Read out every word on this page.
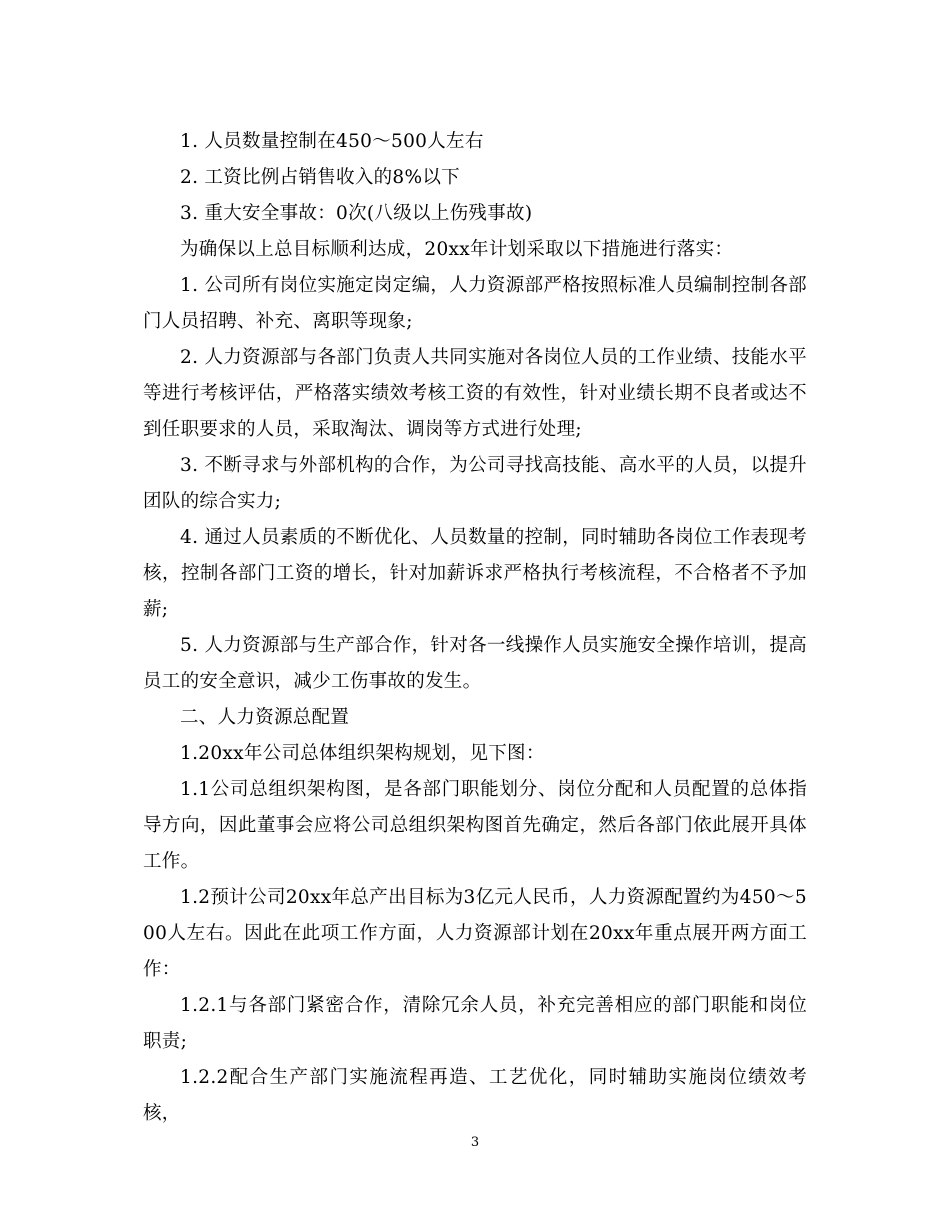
1. 人员数量控制在450～500人左右

2. 工资比例占销售收入的8%以下

3. 重大安全事故：0次(八级以上伤残事故)

为确保以上总目标顺利达成，20xx年计划采取以下措施进行落实：

1. 公司所有岗位实施定岗定编，人力资源部严格按照标准人员编制控制各部门人员招聘、补充、离职等现象;

2. 人力资源部与各部门负责人共同实施对各岗位人员的工作业绩、技能水平等进行考核评估，严格落实绩效考核工资的有效性，针对业绩长期不良者或达不到任职要求的人员，采取淘汰、调岗等方式进行处理;

3. 不断寻求与外部机构的合作，为公司寻找高技能、高水平的人员，以提升团队的综合实力;

4. 通过人员素质的不断优化、人员数量的控制，同时辅助各岗位工作表现考核，控制各部门工资的增长，针对加薪诉求严格执行考核流程，不合格者不予加薪;

5. 人力资源部与生产部合作，针对各一线操作人员实施安全操作培训，提高员工的安全意识，减少工伤事故的发生。

二、人力资源总配置

1.20xx年公司总体组织架构规划，见下图：

1.1公司总组织架构图，是各部门职能划分、岗位分配和人员配置的总体指导方向，因此董事会应将公司总组织架构图首先确定，然后各部门依此展开具体工作。

1.2预计公司20xx年总产出目标为3亿元人民币，人力资源配置约为450～500人左右。因此在此项工作方面，人力资源部计划在20xx年重点展开两方面工作：

1.2.1与各部门紧密合作，清除冗余人员，补充完善相应的部门职能和岗位职责;

1.2.2配合生产部门实施流程再造、工艺优化，同时辅助实施岗位绩效考核，

3
